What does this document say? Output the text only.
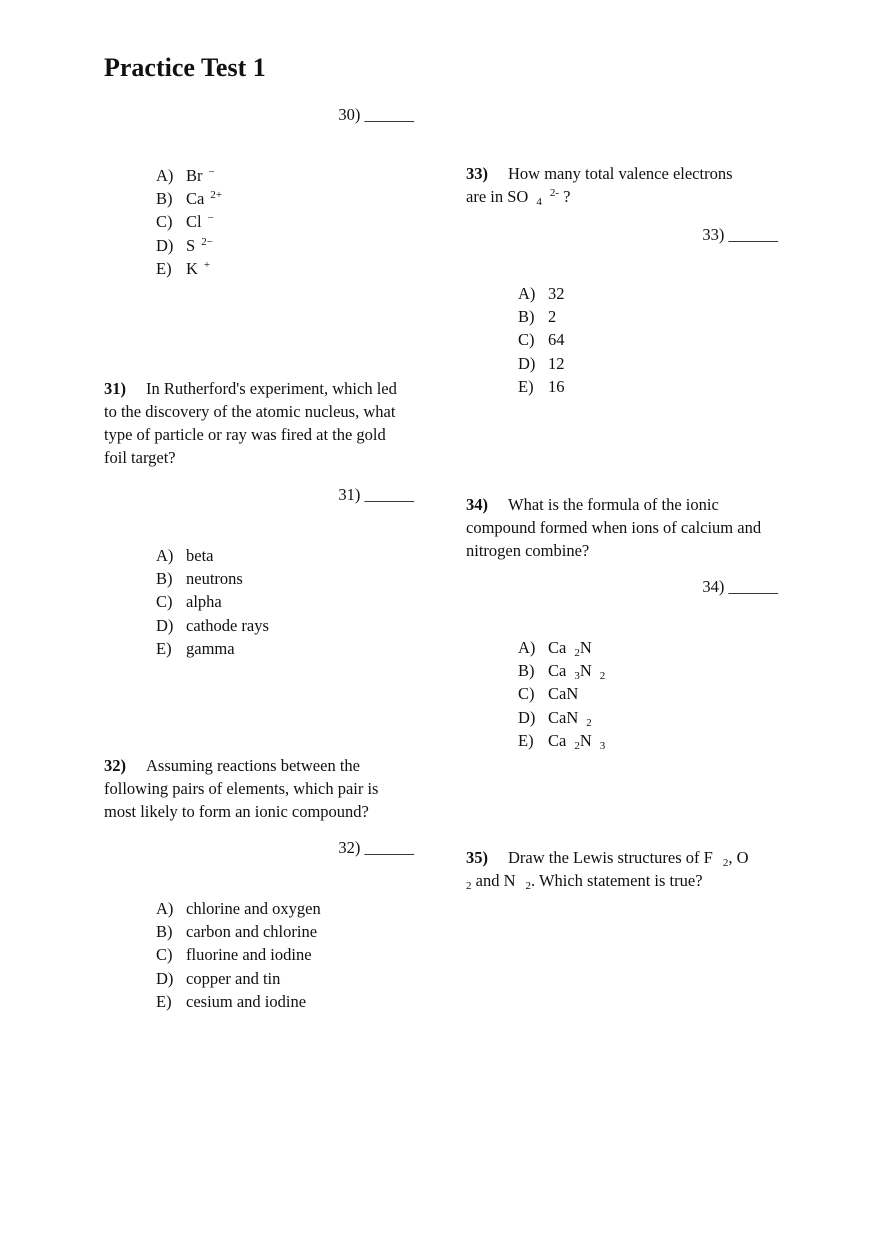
Practice Test 1
30) ______
A) Br −
B) Ca $^{2+}$
C) Cl −
D) S $^{2-}$
E) K +
31) In Rutherford's experiment, which led to the discovery of the atomic nucleus, what type of particle or ray was fired at the gold foil target?
31) ______
A) beta
B) neutrons
C) alpha
D) cathode rays
E) gamma
32) Assuming reactions between the following pairs of elements, which pair is most likely to form an ionic compound?
32) ______
A) chlorine and oxygen
B) carbon and chlorine
C) fluorine and iodine
D) copper and tin
E) cesium and iodine
33) How many total valence electrons
are in SO $_4^{2-}$ ?
33) ______
A) 32
B) 2
C) 64
D) 12
E) 16
34) What is the formula of the ionic compound formed when ions of calcium and nitrogen combine?
34) ______
A) Ca $_2$N
B) Ca $_3$N $_2$
C) CaN
D) CaN $_2$
E) Ca $_2$N $_3$
35) Draw the Lewis structures of F $_2$, O
$_2$ and N $_2$. Which statement is true?
